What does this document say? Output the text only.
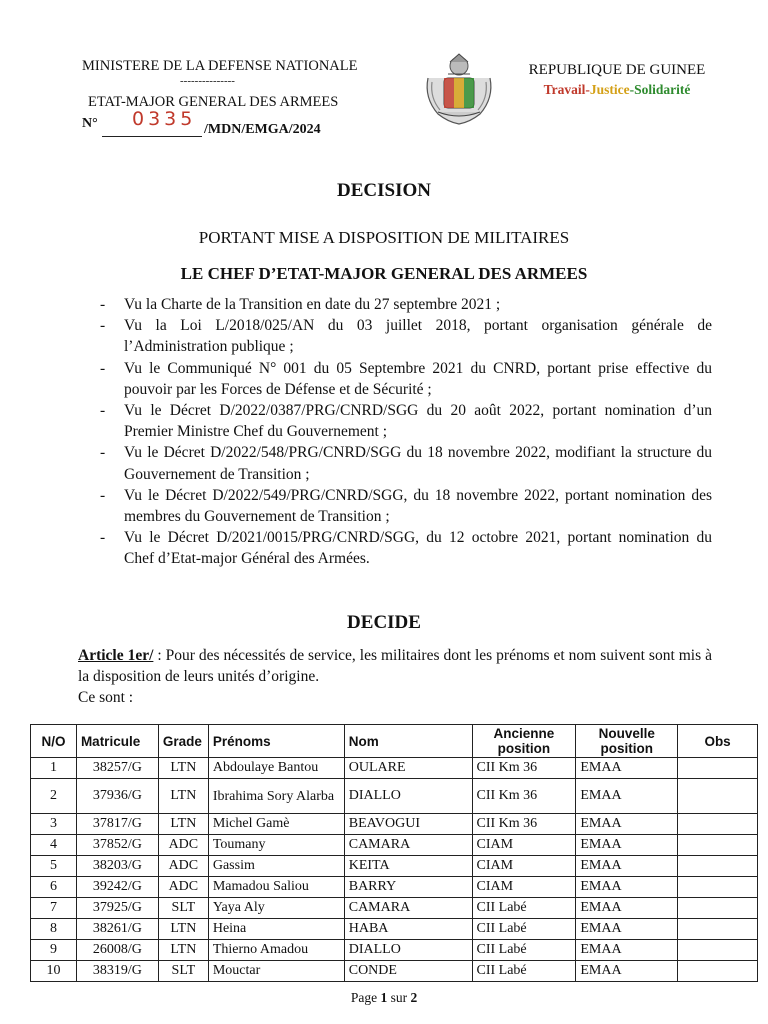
MINISTERE DE LA DEFENSE NATIONALE
---------------
ETAT-MAJOR GENERAL DES ARMEES
N° 0335 /MDN/EMGA/2024
REPUBLIQUE DE GUINEE
Travail-Justice-Solidarité
DECISION
PORTANT MISE A DISPOSITION DE MILITAIRES
LE CHEF D’ETAT-MAJOR GENERAL DES ARMEES
- Vu la Charte de la Transition en date du 27 septembre 2021 ;
- Vu la Loi L/2018/025/AN du 03 juillet 2018, portant organisation générale de l’Administration publique ;
- Vu le Communiqué N° 001 du 05 Septembre 2021 du CNRD, portant prise effective du pouvoir par les Forces de Défense et de Sécurité ;
- Vu le Décret D/2022/0387/PRG/CNRD/SGG du 20 août 2022, portant nomination d’un Premier Ministre Chef du Gouvernement ;
- Vu le Décret D/2022/548/PRG/CNRD/SGG du 18 novembre 2022, modifiant la structure du Gouvernement de Transition ;
- Vu le Décret D/2022/549/PRG/CNRD/SGG, du 18 novembre 2022, portant nomination des membres du Gouvernement de Transition ;
- Vu le Décret D/2021/0015/PRG/CNRD/SGG, du 12 octobre 2021, portant nomination du Chef d’Etat-major Général des Armées.
DECIDE
Article 1er/ : Pour des nécessités de service, les militaires dont les prénoms et nom suivent sont mis à la disposition de leurs unités d’origine.
Ce sont :
N/O	Matricule	Grade	Prénoms	Nom	Ancienne position	Nouvelle position	Obs
1	38257/G	LTN	Abdoulaye Bantou	OULARE	CII Km 36	EMAA	
2	37936/G	LTN	Ibrahima Sory Alarba	DIALLO	CII Km 36	EMAA	
3	37817/G	LTN	Michel Gamè	BEAVOGUI	CII Km 36	EMAA	
4	37852/G	ADC	Toumany	CAMARA	CIAM	EMAA	
5	38203/G	ADC	Gassim	KEITA	CIAM	EMAA	
6	39242/G	ADC	Mamadou Saliou	BARRY	CIAM	EMAA	
7	37925/G	SLT	Yaya Aly	CAMARA	CII Labé	EMAA	
8	38261/G	LTN	Heina	HABA	CII Labé	EMAA	
9	26008/G	LTN	Thierno Amadou	DIALLO	CII Labé	EMAA	
10	38319/G	SLT	Mouctar	CONDE	CII Labé	EMAA	
Page 1 sur 2
